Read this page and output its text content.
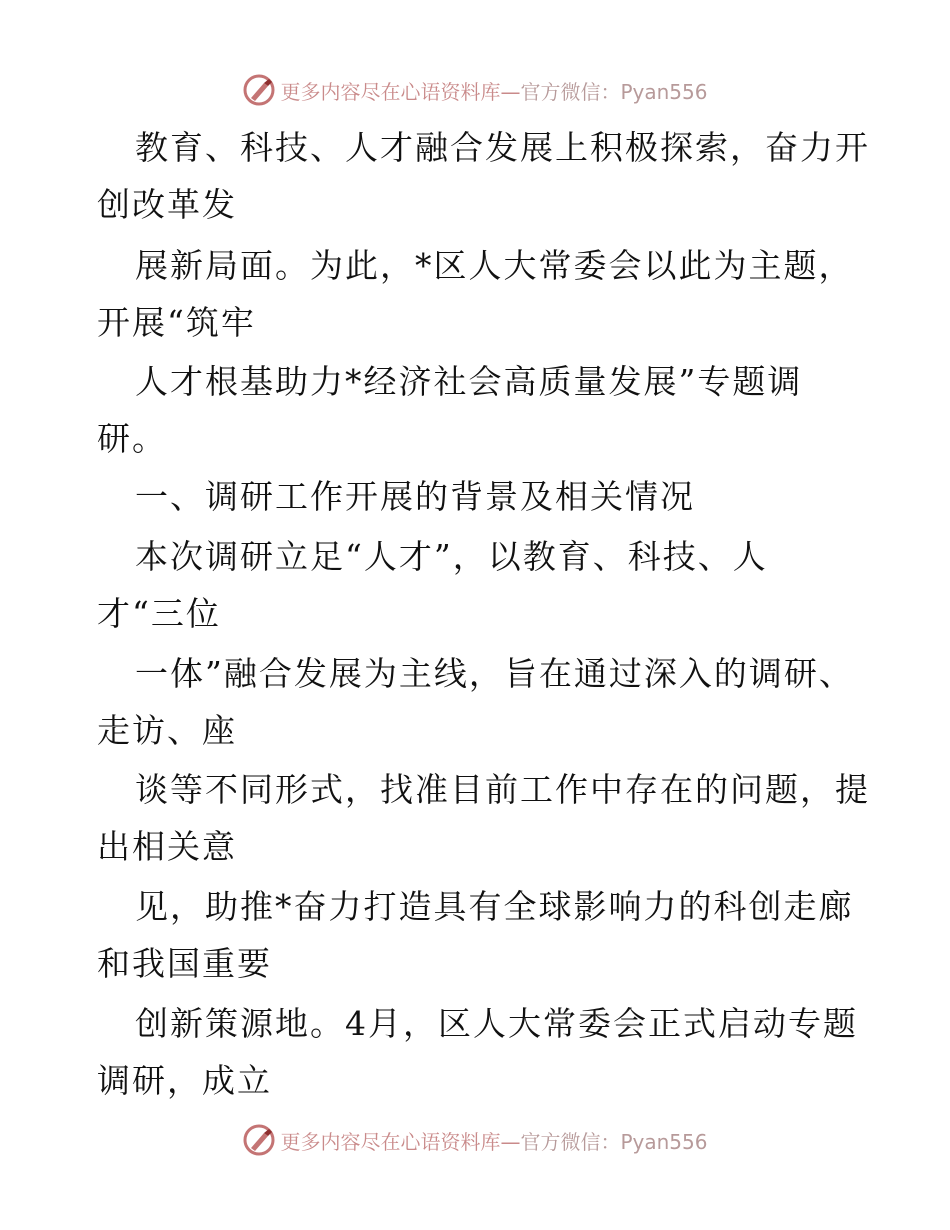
更多内容尽在心语资料库—官方微信：Pyan556
教育、科技、人才融合发展上积极探索，奋力开
创改革发
展新局面。为此，*区人大常委会以此为主题，
开展“筑牢
人才根基助力*经济社会高质量发展”专题调
研。
一、调研工作开展的背景及相关情况
本次调研立足“人才”，以教育、科技、人
才“三位
一体”融合发展为主线，旨在通过深入的调研、
走访、座
谈等不同形式，找准目前工作中存在的问题，提
出相关意
见，助推*奋力打造具有全球影响力的科创走廊
和我国重要
创新策源地。4月，区人大常委会正式启动专题
调研，成立
更多内容尽在心语资料库—官方微信：Pyan556
